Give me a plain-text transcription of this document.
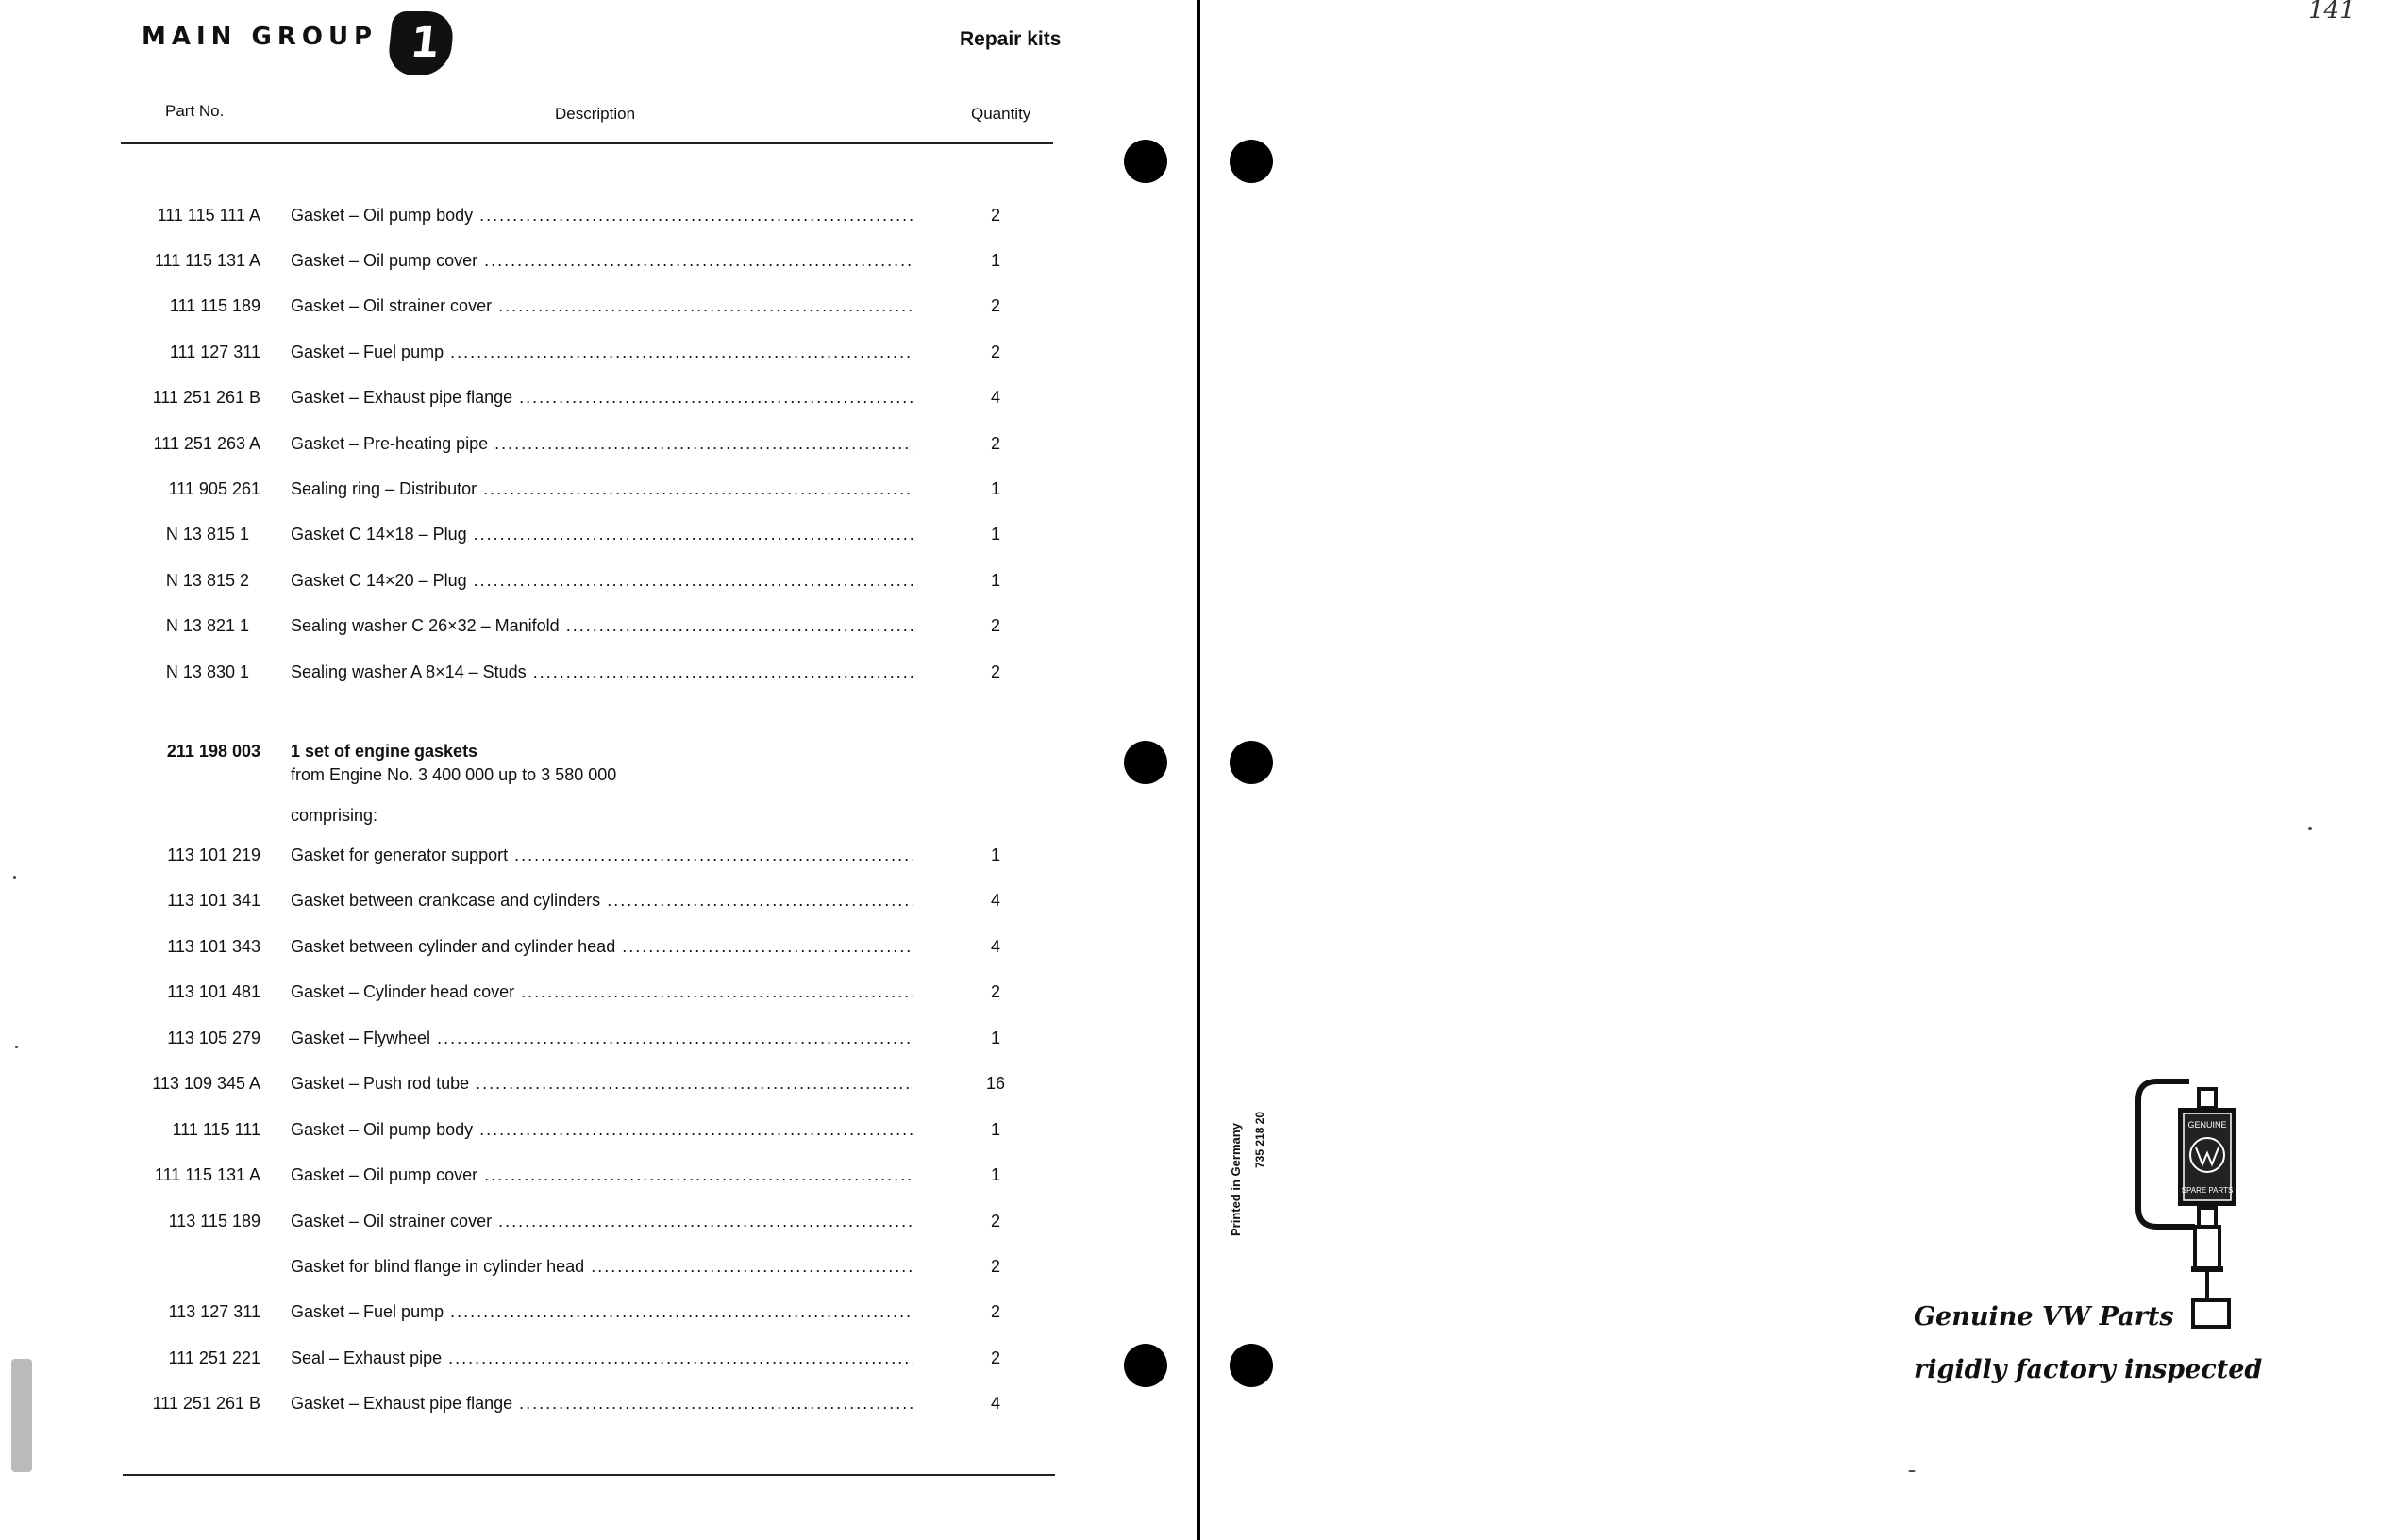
MAIN GROUP 1	Repair kits
Part No.	Description	Quantity
111 115 111 A Gasket – Oil pump body .....	2
111 115 131 A Gasket – Oil pump cover .....	1
111 115 189 Gasket – Oil strainer cover .....	2
111 127 311 Gasket – Fuel pump .....	2
111 251 261 B Gasket – Exhaust pipe flange .....	4
111 251 263 A Gasket – Pre-heating pipe .....	2
111 905 261 Sealing ring – Distributor .....	1
N 13 815 1 Gasket C 14×18 – Plug .....	1
N 13 815 2 Gasket C 14×20 – Plug .....	1
N 13 821 1 Sealing washer C 26×32 – Manifold .....	2
N 13 830 1 Sealing washer A 8×14 – Studs .....	2
211 198 003 1 set of engine gaskets
from Engine No. 3 400 000 up to 3 580 000
comprising:
113 101 219 Gasket for generator support .....	1
113 101 341 Gasket between crankcase and cylinders .....	4
113 101 343 Gasket between cylinder and cylinder head .....	4
113 101 481 Gasket – Cylinder head cover .....	2
113 105 279 Gasket – Flywheel .....	1
113 109 345 A Gasket – Push rod tube .....	16
111 115 111 Gasket – Oil pump body .....	1
111 115 131 A Gasket – Oil pump cover .....	1
113 115 189 Gasket – Oil strainer cover .....	2
Gasket for blind flange in cylinder head .....	2
113 127 311 Gasket – Fuel pump .....	2
111 251 221 Seal – Exhaust pipe .....	2
111 251 261 B Gasket – Exhaust pipe flange .....	4
141
Printed in Germany 735 218 20	GENUINE
SPARE PARTS
Genuine VW Parts
rigidly factory inspected
